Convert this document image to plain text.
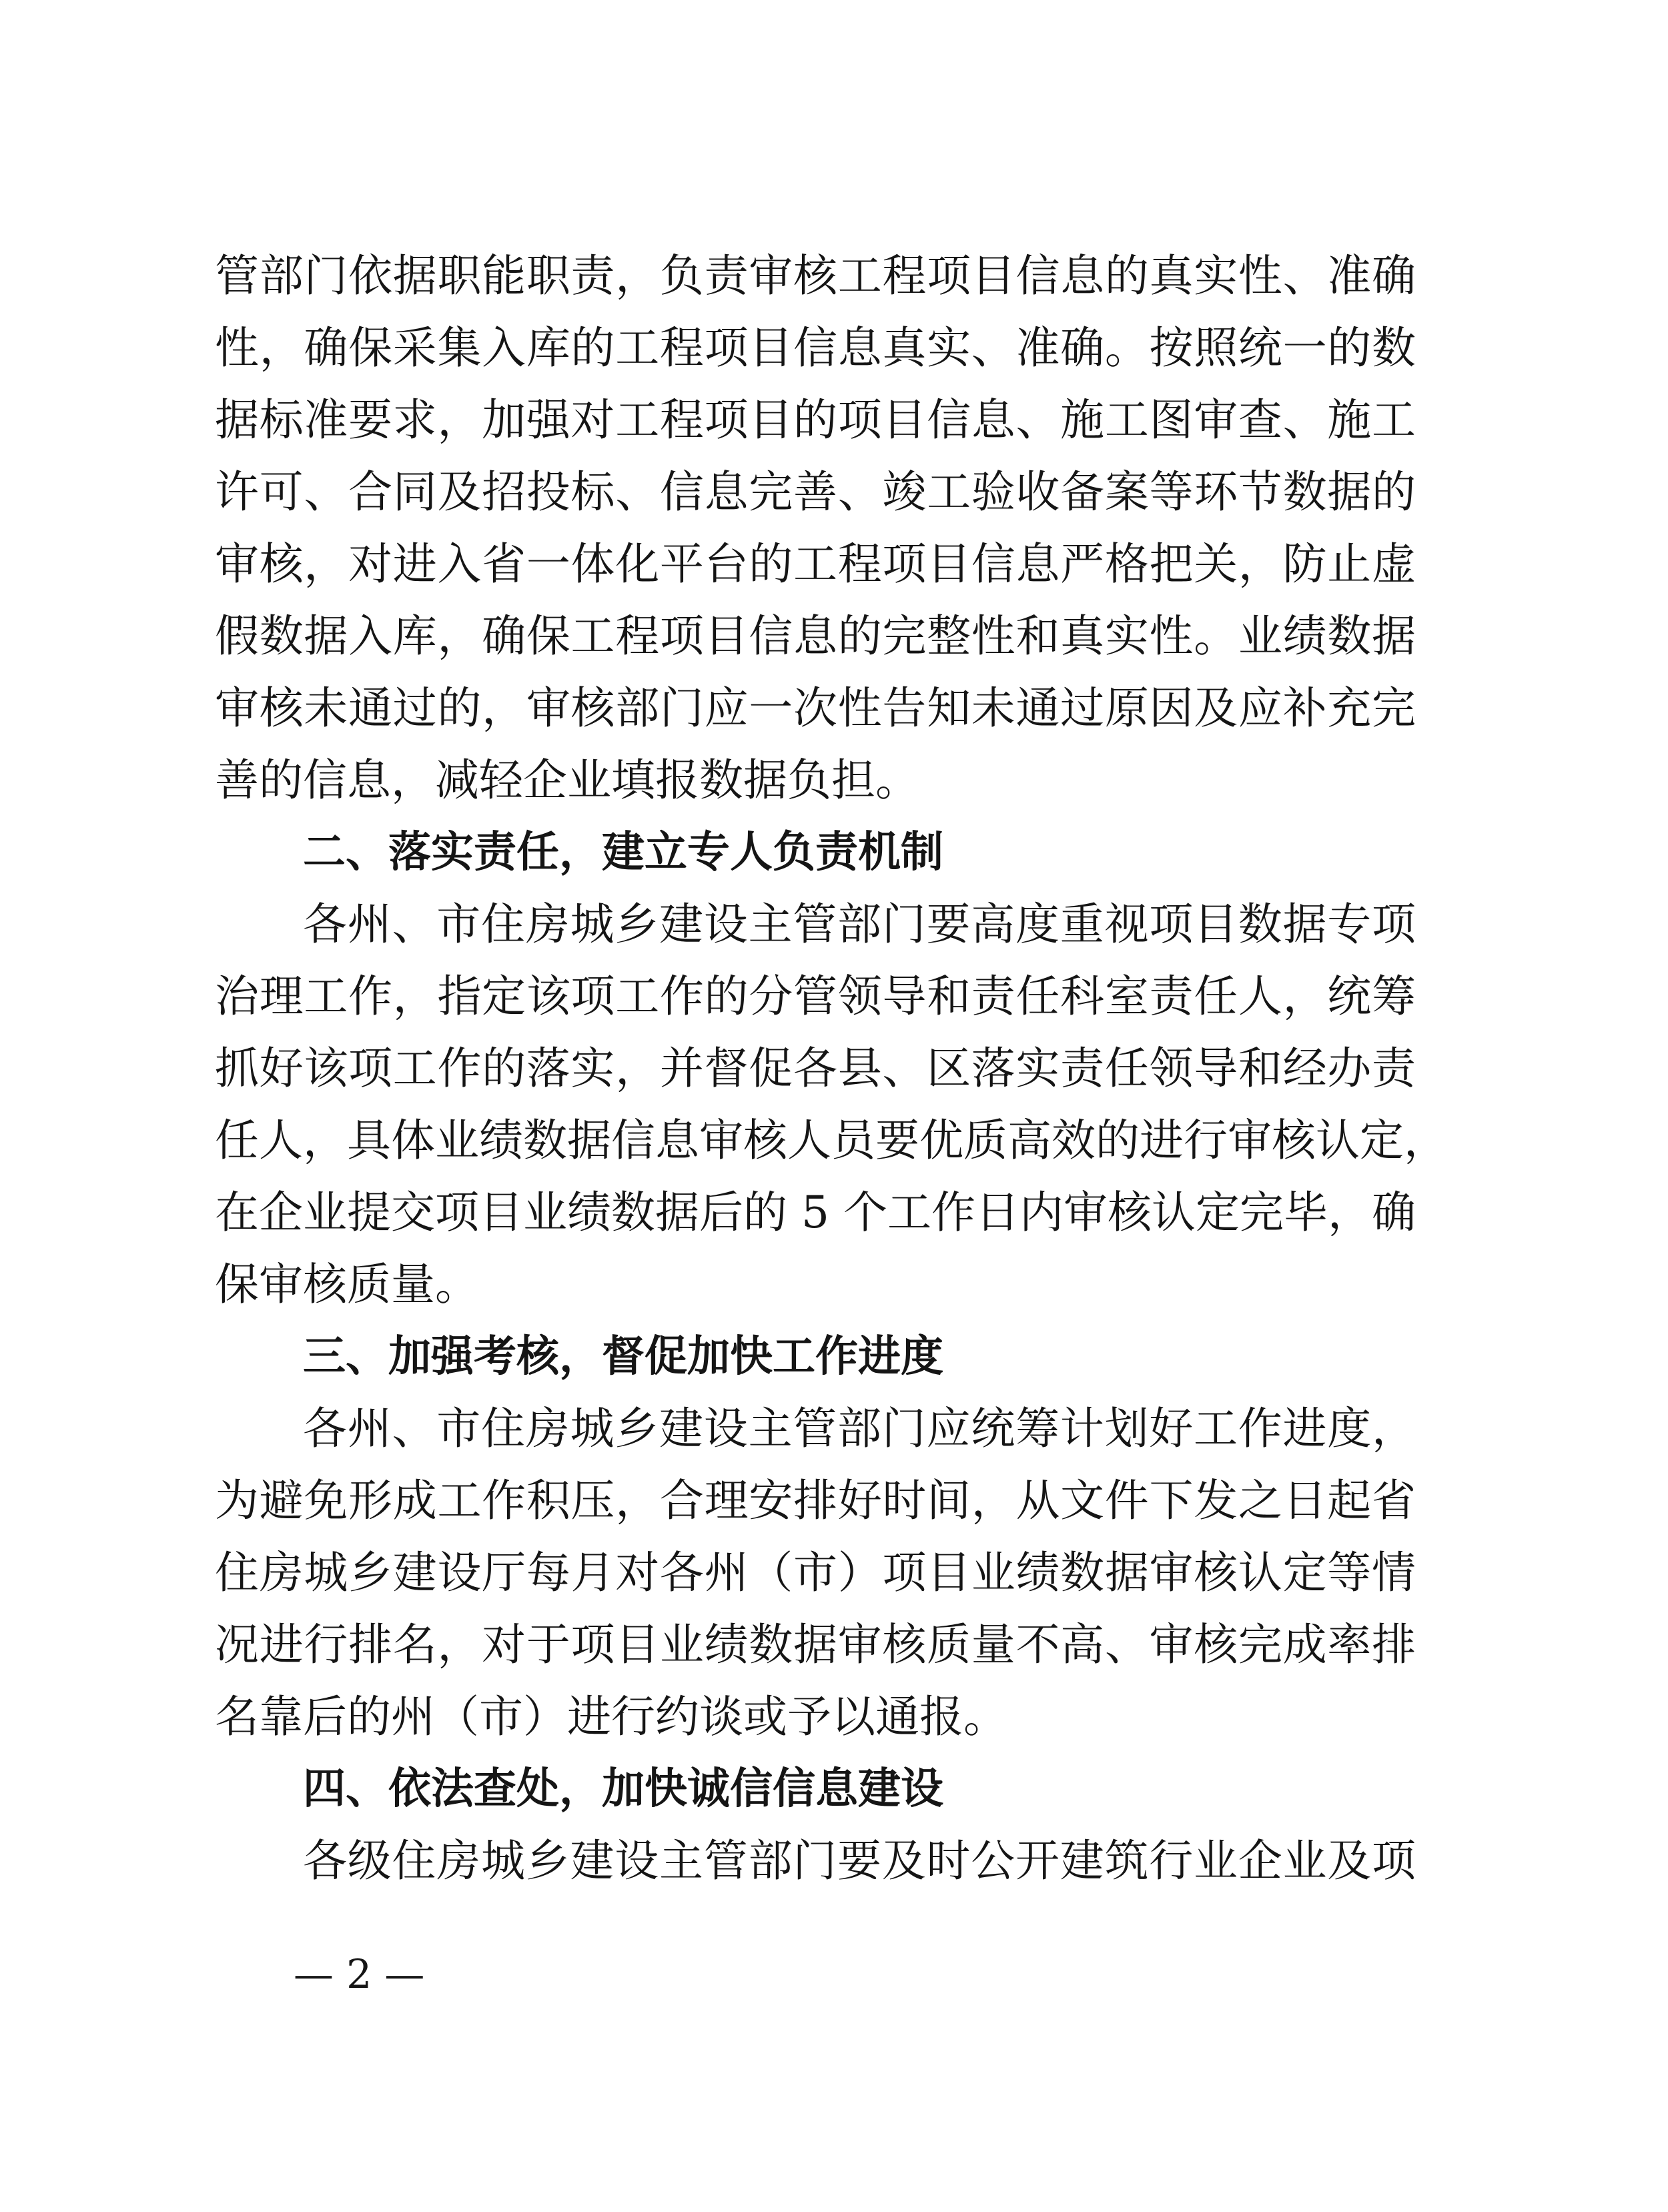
管部门依据职能职责，负责审核工程项目信息的真实性、准确
性，确保采集入库的工程项目信息真实、准确。按照统一的数
据标准要求，加强对工程项目的项目信息、施工图审查、施工
许可、合同及招投标、信息完善、竣工验收备案等环节数据的
审核，对进入省一体化平台的工程项目信息严格把关，防止虚
假数据入库，确保工程项目信息的完整性和真实性。业绩数据
审核未通过的，审核部门应一次性告知未通过原因及应补充完
善的信息，减轻企业填报数据负担。
二、落实责任，建立专人负责机制
各州、市住房城乡建设主管部门要高度重视项目数据专项
治理工作，指定该项工作的分管领导和责任科室责任人，统筹
抓好该项工作的落实，并督促各县、区落实责任领导和经办责
任人，具体业绩数据信息审核人员要优质高效的进行审核认定，
在企业提交项目业绩数据后的 5 个工作日内审核认定完毕，确
保审核质量。
三、加强考核，督促加快工作进度
各州、市住房城乡建设主管部门应统筹计划好工作进度，
为避免形成工作积压，合理安排好时间，从文件下发之日起省
住房城乡建设厅每月对各州（市）项目业绩数据审核认定等情
况进行排名，对于项目业绩数据审核质量不高、审核完成率排
名靠后的州（市）进行约谈或予以通报。
四、依法查处，加快诚信信息建设
各级住房城乡建设主管部门要及时公开建筑行业企业及项
— 2 —
